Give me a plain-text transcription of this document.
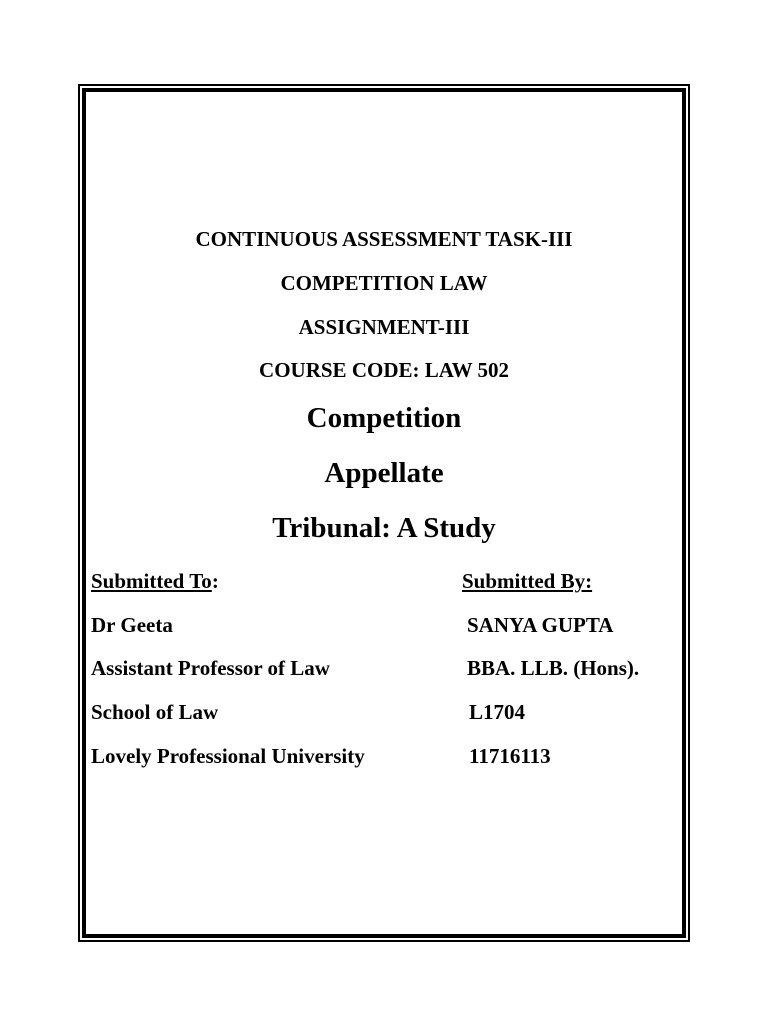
CONTINUOUS ASSESSMENT TASK-III
COMPETITION LAW
ASSIGNMENT-III
COURSE CODE: LAW 502
Competition
Appellate
Tribunal: A Study
Submitted To:	Submitted By:
Dr Geeta	SANYA GUPTA
Assistant Professor of Law	BBA. LLB. (Hons).
School of Law	L1704
Lovely Professional University	11716113
